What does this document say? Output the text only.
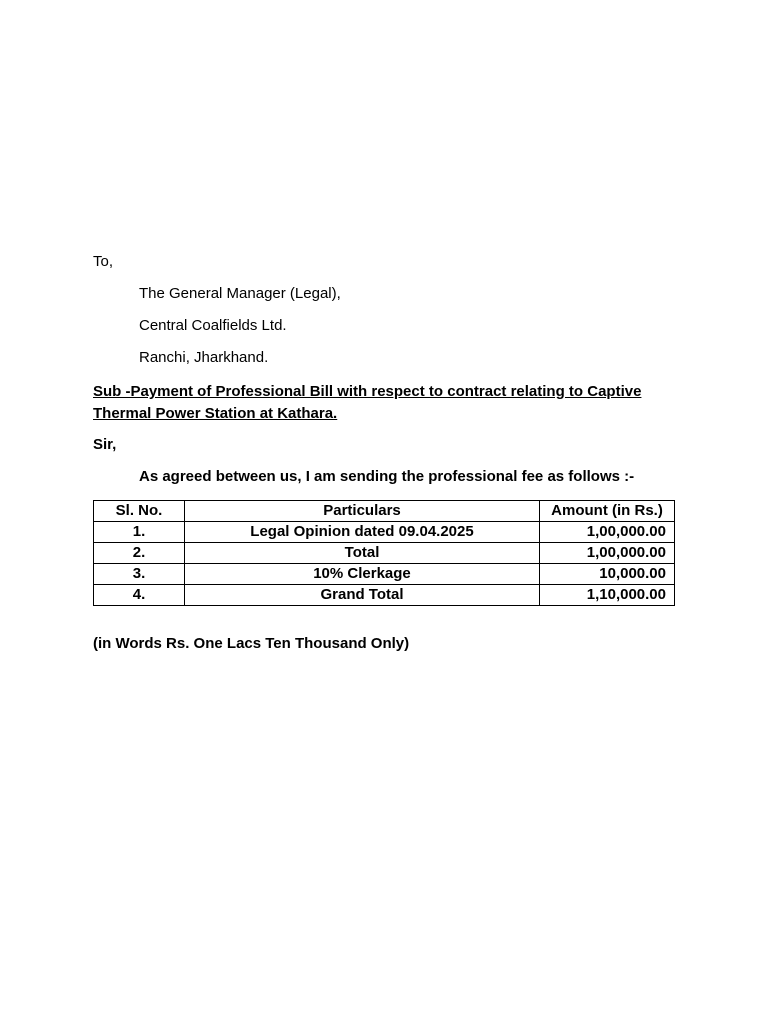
To,
The General Manager (Legal),
Central Coalfields Ltd.
Ranchi, Jharkhand.
Sub -Payment of Professional Bill with respect to contract relating to Captive Thermal Power Station at Kathara.
Sir,
As agreed between us, I am sending the professional fee as follows :-
Sl. No.	Particulars	Amount (in Rs.)
1.	Legal Opinion dated 09.04.2025	1,00,000.00
2.	Total	1,00,000.00
3.	10% Clerkage	10,000.00
4.	Grand Total	1,10,000.00
(in Words Rs. One Lacs Ten Thousand Only)
